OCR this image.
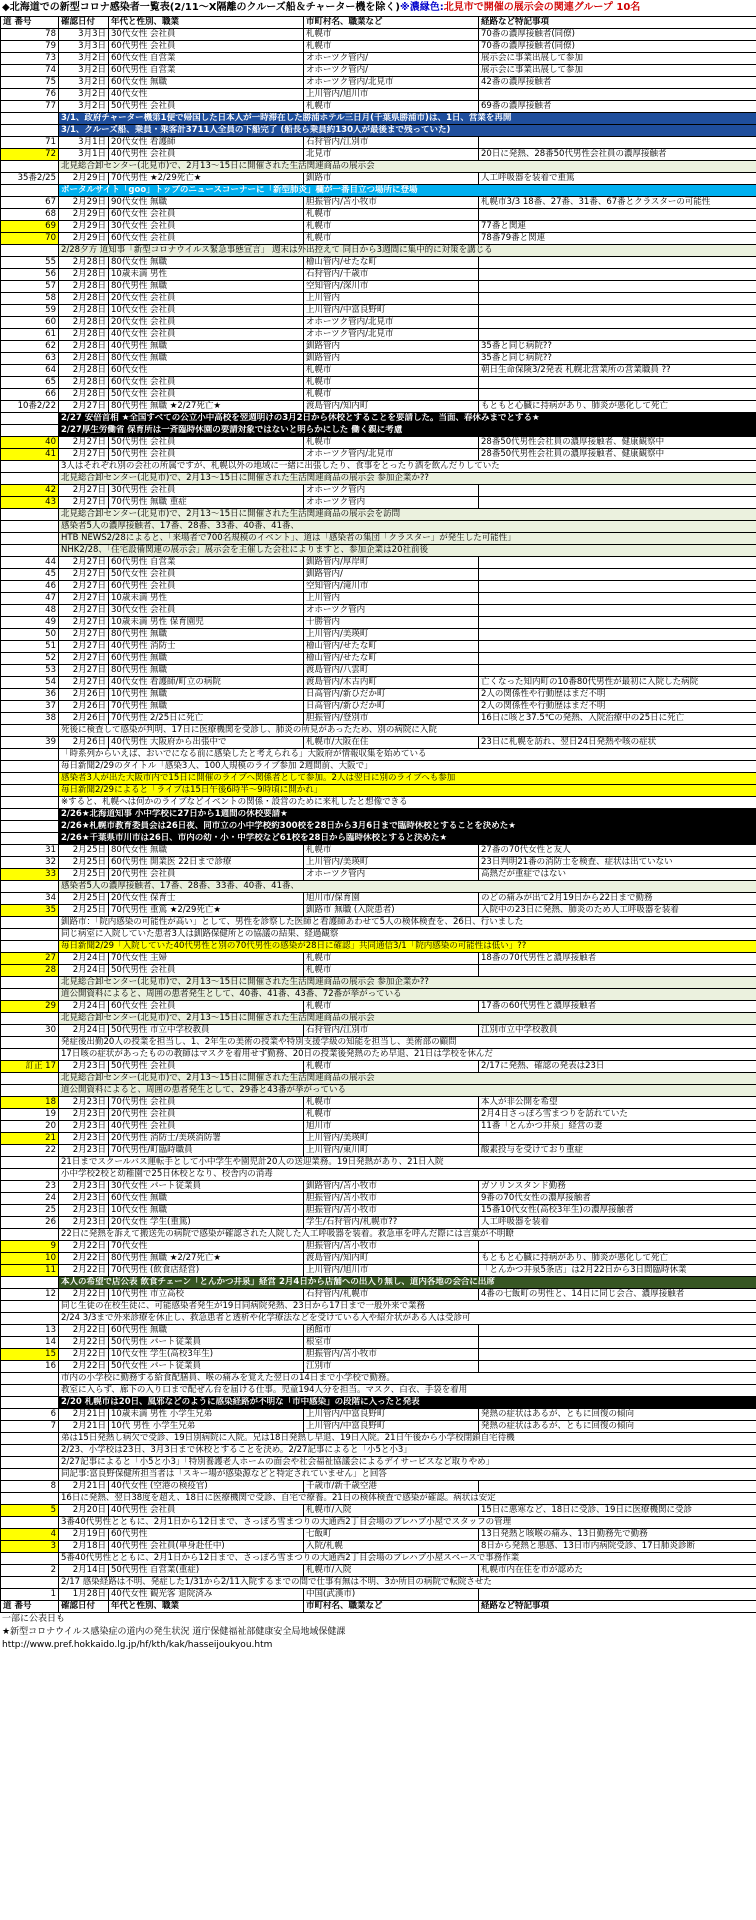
◆北海道での新型コロナ感染者一覧表(2/11～X隔離のクルーズ船＆チャーター機を除く)※濃縁色:北見市で開催の展示会の関連グループ 10名
道 番号	確認日付	年代と性別、職業	市町村名、職業など	経路など特記事項
78	3月3日	30代女性 会社員	札幌市	70番の濃厚接触者(同僚)
79	3月3日	60代男性 会社員	札幌市	70番の濃厚接触者(同僚)
73	3月2日	60代女性 自営業	オホーツク管内/	展示会に事業出展して参加
74	3月2日	60代男性 自営業	オホーツク管内/	展示会に事業出展して参加
75	3月2日	60代女性 無職	オホーツク管内/北見市	42番の濃厚接触者
76	3月2日	40代女性	上川管内/旭川市	
77	3月2日	50代男性 会社員	札幌市	69番の濃厚接触者
	3/1、政府チャーター機第1便で帰国した日本人が一時滞在した勝浦ホテル三日月(千葉県勝浦市)は、1日、営業を再開			
	3/1、クルーズ船、乗員・乗客計3711人全員の下船完了 (船長ら乗員約130人が最後まで残っていた)			
71	3月1日	20代女性 看護師	石狩管内/江別市	
72	3月1日	40代男性 会社員	北見市	20日に発熱、28番50代男性会社員の濃厚接触者
	北見総合卸センター(北見市)で、2月13～15日に開催された生活関連商品の展示会			
35番2/25	2月29日	70代男性 ★2/29死亡★	釧路市	人工呼吸器を装着で重篤
	ポータルサイト「goo」トップのニュースコーナーに「新型肺炎」欄が一番目立つ場所に登場			
67	2月29日	90代女性 無職	胆振管内/苫小牧市	札幌市3/3 18番、27番、31番、67番とクラスターの可能性
68	2月29日	60代女性 会社員	札幌市	
69	2月29日	30代女性 会社員	札幌市	77番と関連
70	2月29日	60代女性 会社員	札幌市	78番79番と関連
	2/28夕方 道知事「新型コロナウイルス緊急事態宣言」 週末は外出控えて 同日から3週間に集中的に対策を講じる			
55	2月28日	80代女性 無職	檜山管内/せたな町	
56	2月28日	10歳未満 男性	石狩管内/千歳市	
57	2月28日	80代男性 無職	空知管内/深川市	
58	2月28日	20代女性 会社員	上川管内	
59	2月28日	10代女性 会社員	上川管内/中富良野町	
60	2月28日	20代女性 会社員	オホーツク管内/北見市	
61	2月28日	40代女性 会社員	オホーツク管内/北見市	
62	2月28日	40代男性 無職	釧路管内	35番と同じ病院??
63	2月28日	80代女性 無職	釧路管内	35番と同じ病院??
64	2月28日	60代女性	札幌市	朝日生命保険3/2発表 札幌北営業所の営業職員 ??
65	2月28日	60代女性 会社員	札幌市	
66	2月28日	50代女性 会社員	札幌市	
10番2/22	2月27日	80代男性 無職 ★2/27死亡★	渡島管内/知内町	もともと心臓に持病があり、肺炎が悪化して死亡
	2/27 安倍首相 ★全国すべての公立小中高校を翌週明けの3月2日から休校とすることを要請した。当面、春休みまでとする★			
	2/27厚生労働省 保育所は一斉臨時休園の要請対象ではないと明らかにした 働く親に考慮			
40	2月27日	50代男性 会社員	札幌市	28番50代男性会社員の濃厚接触者、健康観察中
41	2月27日	50代男性 会社員	オホーツク管内/北見市	28番50代男性会社員の濃厚接触者、健康観察中
	3人はそれぞれ別の会社の所属ですが、札幌以外の地域に一緒に出張したり、食事をとったり酒を飲んだりしていた			
	北見総合卸センター(北見市)で、2月13～15日に開催された生活関連商品の展示会 参加企業か??			
42	2月27日	30代男性 会社員	オホーツク管内	
43	2月27日	70代男性 無職 重症	オホーツク管内	
	北見総合卸センター(北見市)で、2月13～15日に開催された生活関連商品の展示会を訪問			
	感染者5人の濃厚接触者、17番、28番、33番、40番、41番、			
	HTB NEWS2/28によると、「来場者で700名規模のイベント」、道は「感染者の集団「クラスター」が発生した可能性」			
	NHK2/28、「住宅設備関連の展示会」展示会を主催した会社によりますと、参加企業は20社前後			
44	2月27日	60代男性 自営業	釧路管内/厚岸町	
45	2月27日	50代女性 会社員	釧路管内/	
46	2月27日	60代男性 会社員	空知管内/滝川市	
47	2月27日	10歳未満 男性	上川管内	
48	2月27日	30代女性 会社員	オホーツク管内	
49	2月27日	10歳未満 男性 保育園児	十勝管内	
50	2月27日	80代男性 無職	上川管内/美瑛町	
51	2月27日	40代男性 消防士	檜山管内/せたな町	
52	2月27日	60代男性 無職	檜山管内/せたな町	
53	2月27日	80代男性 無職	渡島管内/八雲町	
54	2月27日	40代女性 看護師/町立の病院	渡島管内/木古内町	亡くなった知内町の10番80代男性が最初に入院した病院
36	2月26日	10代男性 無職	日高管内/新ひだか町	2人の関係性や行動歴はまだ不明
37	2月26日	70代男性 無職	日高管内/新ひだか町	2人の関係性や行動歴はまだ不明
38	2月26日	70代男性 2/25日に死亡	胆振管内/登別市	16日に咳と37.5℃の発熱、入院治療中の25日に死亡
	死後に検査して感染が判明、17日に医療機関を受診し、肺炎の所見があったため、別の病院に入院			
39	2月26日	40代男性 大阪府から出張中で	札幌市/大阪在住	23日に札幌を訪れ、翌日24日発熱や咳の症状
	「時系列からいえば、おいでになる前に感染したと考えられる」大阪府が情報収集を始めている			
	毎日新聞2/29のタイトル「感染3人、100人規模のライブ参加 2週間前、大阪で」			
	感染者3人が出た大阪市内で15日に開催のライブへ関係者として参加。2人は翌日に別のライブへも参加			
	毎日新聞2/29によると「ライブは15日午後6時半～9時頃に開かれ」			
	※すると、札幌へは何かのライブなどイベントの関係・設営のために来札したと想像できる			
	2/26★北海道知事 小中学校に27日から1週間の休校要請★			
	2/26★札幌市教育委員会は26日夜、同市立の小中学校約300校を28日から3月6日まで臨時休校とすることを決めた★			
	2/26★千葉県市川市は26日、市内の幼・小・中学校など61校を28日から臨時休校とすると決めた★			
31	2月25日	80代女性 無職	札幌市	27番の70代女性と友人
32	2月25日	60代男性 開業医 22日まで診療	上川管内/美瑛町	23日判明21番の消防士を検査、症状は出ていない
33	2月25日	20代男性 会社員	オホーツク管内	高熱だが重症ではない
	感染者5人の濃厚接触者、17番、28番、33番、40番、41番、			
34	2月25日	20代女性 保育士	旭川市/保育園	のどの痛みが出て2月19日から22日まで勤務
35	2月25日	70代男性 重篤 ★2/29死亡★	釧路市 無職 (入院患者)	入院中の23日に発熱、肺炎のため人工呼吸器を装着
	釧路市：「院内感染の可能性が高い」として、男性を診察した医師と看護師あわせて5人の検体検査を、26日、行いました			
	同じ病室に入院していた患者3人は釧路保健所との協議の結果、経過観察			
	毎日新聞2/29「入院していた40代男性と別の70代男性の感染が28日に確認」共同通信3/1「院内感染の可能性は低い」??			
27	2月24日	70代女性 主婦	札幌市	18番の70代男性と濃厚接触者
28	2月24日	50代男性 会社員	札幌市	
	北見総合卸センター(北見市)で、2月13～15日に開催された生活関連商品の展示会 参加企業か??			
	道公開資料によると、周囲の患者発生として、40番、41番、43番、72番が挙がっている			
29	2月24日	60代女性 会社員	札幌市	17番の60代男性と濃厚接触者
	北見総合卸センター(北見市)で、2月13～15日に開催された生活関連商品の展示会			
30	2月24日	50代男性 市立中学校教員	石狩管内/江別市	江別市立中学校教員
	発症後出勤20人の授業を担当し、1、2年生の美術の授業や特別支援学級の知能を担当し、美術部の顧問			
	17日咳の症状があったものの教師はマスクを着用せず勤務、20日の授業後発熱のため早退、21日は学校を休んだ			
訂正 17	2月23日	50代男性 会社員	札幌市	2/17に発熱、確認の発表は23日
	北見総合卸センター(北見市)で、2月13～15日に開催された生活関連商品の展示会			
	道公開資料によると、周囲の患者発生として、29番と43番が挙がっている			
18	2月23日	70代男性 会社員	札幌市	本人が非公開を希望
19	2月23日	20代男性 会社員	札幌市	2月4日さっぽろ雪まつりを訪れていた
20	2月23日	40代男性 会社員	旭川市	11番「とんかつ井泉」経営の妻
21	2月23日	20代男性 消防士/美瑛消防署	上川管内/美瑛町	
22	2月23日	70代男性/町臨時職員	上川管内/東川町	酸素投与を受けており重症
	21日までスクールバス運転手として小中学生や園児計20人の送迎業務。19日発熱があり、21日入院			
	小中学校2校と幼稚園で25日休校となり、校舎内の消毒			
23	2月23日	30代女性 パート従業員	釧路管内/苫小牧市	ガソリンスタンド勤務
24	2月23日	60代女性 無職	胆振管内/苫小牧市	9番の70代女性の濃厚接触者
25	2月23日	10代女性 無職	胆振管内/苫小牧市	15番10代女性(高校3年生)の濃厚接触者
26	2月23日	20代女性 学生(重篤)	学生/石狩管内/札幌市??	人工呼吸器を装着
	22日に発熱を訴えて搬送先の病院で感染が確認された人院した人工呼吸器を装着。救急車を呼んだ際には言葉が不明瞭			
9	2月22日	70代女性	胆振管内/苫小牧市	
10	2月22日	80代男性 無職 ★2/27死亡★	渡島管内/知内町	もともと心臓に持病があり、肺炎が悪化して死亡
11	2月22日	70代男性 (飲食店経営)	上川管内/旭川市	「とんかつ井泉5条店」は2月22日から3日間臨時休業
	本人の希望で店公表 飲食チェーン「とんかつ井泉」経営 2月4日から店舗への出入り無し、道内各地の会合に出席			
12	2月22日	10代男性 市立高校	石狩管内/札幌市	4番の七飯町の男性と、14日に同じ会合、濃厚接触者
	同じ生徒の在校生徒に、可能感染者発生が19日同病院発熱、23日から17日まで一般外来で業務			
	2/24 3/3まで外来診療を休止し、救急患者と透析や化学療法などを受けている入や紹介状がある入は受診可			
13	2月22日	60代男性 無職	函館市	
14	2月22日	50代男性 パート従業員	根室市	
15	2月22日	10代女性 学生(高校3年生)	胆振管内/苫小牧市	
16	2月22日	50代女性 パート従業員	江別市	
	市内の小学校に勤務する給食配膳員、喉の痛みを覚えた翌日の14日まで小学校で勤務。			
	教室に入らず、廊下の入り口まで配ぜん台を届ける仕事。児童194人分を担当。マスク、白衣、手袋を着用			
	2/20 札幌市は20日、風邪などのように感染経路が不明な「市中感染」の段階に入ったと発表			
6	2月21日	10歳未満 男性 小学生兄弟	上川管内/中富良野町	発熱の症状はあるが、ともに回復の傾向
7	2月21日	10代 男性 小学生兄弟	上川管内/中富良野町	発熱の症状はあるが、ともに回復の傾向
	弟は15日発熱し病欠で受診、19日別病院に入院。兄は18日発熱し早退、19日入院。21日午後から小学校閉鎖自宅待機			
	2/23、小学校は23日、3月3日まで休校とすることを決め。2/27記事によると「小5と小3」			
	2/27記事によると「小5と小3」「特別養護老人ホームの面会や社会福祉協議会によるデイサービスなど取りやめ」			
	同記事:富良野保健所担当者は「スキー場が感染源などと特定されていません」と回答			
8	2月21日	40代女性 (空港の検疫官)	千歳市/新千歳空港	
	16日に発熱、翌日38度を超え、18日に医療機関で受診、自宅で療養。21日の検体検査で感染が確認。病状は安定			
5	2月20日	40代男性 会社員	札幌市/入院	15日に悪寒など、18日に受診、19日に医療機関に受診
	3番40代男性とともに、2月1日から12日まで、さっぽろ雪まつりの大通西2丁目会場のプレハブ小屋でスタッフの管理			
4	2月19日	60代男性	七飯町	13日発熱と咳喉の痛み、13日勤務先で勤務
3	2月18日	40代男性 会社員(単身赴任中)	入院/札幌	8日から発熱と悪感、13日市内病院受診、17日肺炎診断
	5番40代男性とともに、2月1日から12日まで、さっぽろ雪まつりの大通西2丁目会場のプレハブ小屋スペースで事務作業			
2	2月14日	50代男性 自営業(重症)	札幌市/入院	札幌市内在住を市が認めた
	2/17 感染経路は不明、発症した1/31から2/11入院するまでの間で仕事有無は不明、3か所目の病院で転院させた			
1	1月28日	40代女性 観光客 退院済み	中国(武漢市)	
道 番号	確認日付	年代と性別、職業	市町村名、職業など	経路など特記事項
一部に公表日も
★新型コロナウイルス感染症の道内の発生状況 道庁保健福祉部健康安全局地域保健課
http://www.pref.hokkaido.lg.jp/hf/kth/kak/hasseijoukyou.htm
